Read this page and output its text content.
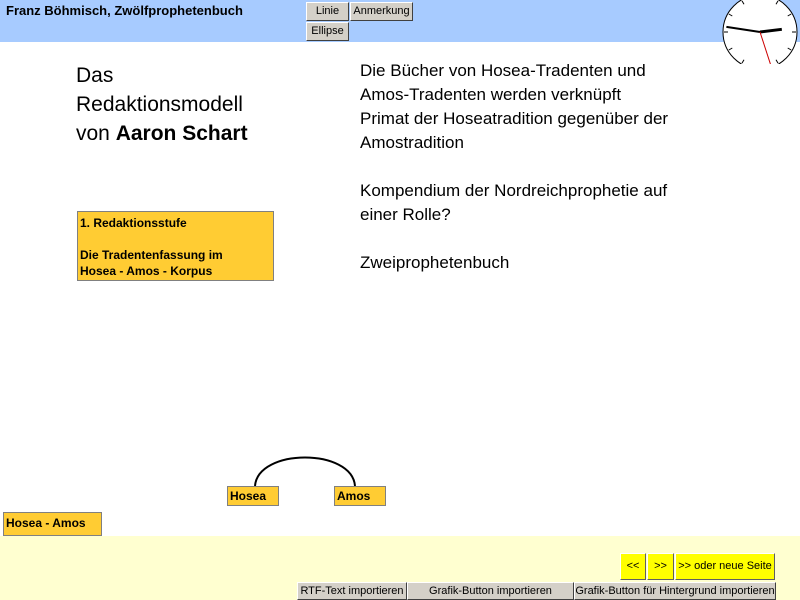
Franz Böhmisch, Zwölfprophetenbuch	Linie	Anmerkung
Ellipse
Das
Redaktionsmodell
von Aaron Schart

Die Bücher von Hosea-Tradenten und
Amos-Tradenten werden verknüpft
Primat der Hoseatradition gegenüber der
Amostradition

Kompendium der Nordreichprophetie auf
einer Rolle?

Zweiprophetenbuch

1. Redaktionsstufe
Die Tradentenfassung im
Hosea - Amos - Korpus
Hosea	Amos
Hosea - Amos
<<	>>	>> oder neue Seite
RTF-Text importieren	Grafik-Button importieren	Grafik-Button für Hintergrund importieren
